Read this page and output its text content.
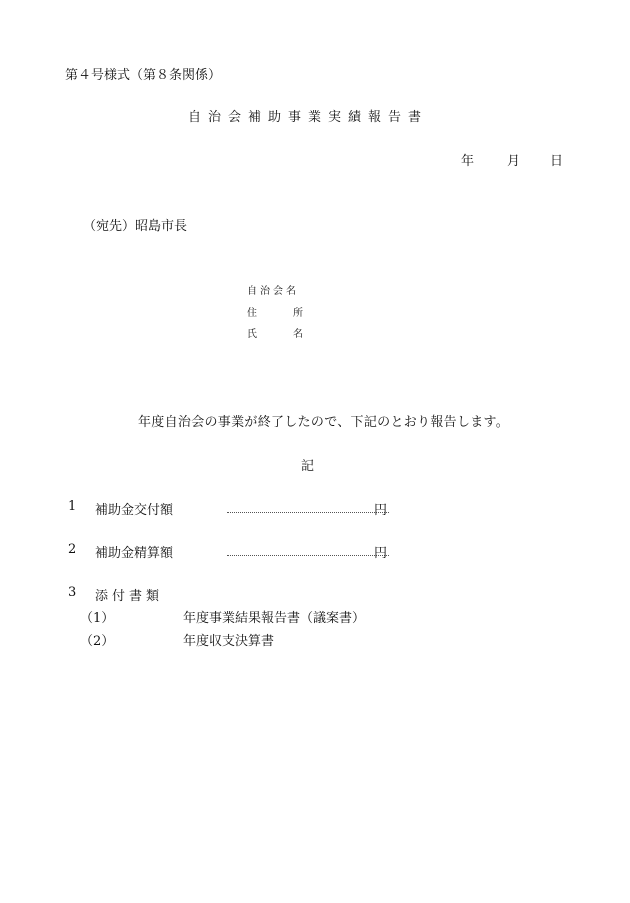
第４号様式（第８条関係）
自治会補助事業実績報告書
年	月 日
（宛先）昭島市長
自治会名
住	所
氏	名
年度自治会の事業が終了したので、下記のとおり報告します。
記
1 補助金交付額	円
2 補助金精算額	円
3 添付書類
（1）	年度事業結果報告書（議案書）
（2）	年度収支決算書
